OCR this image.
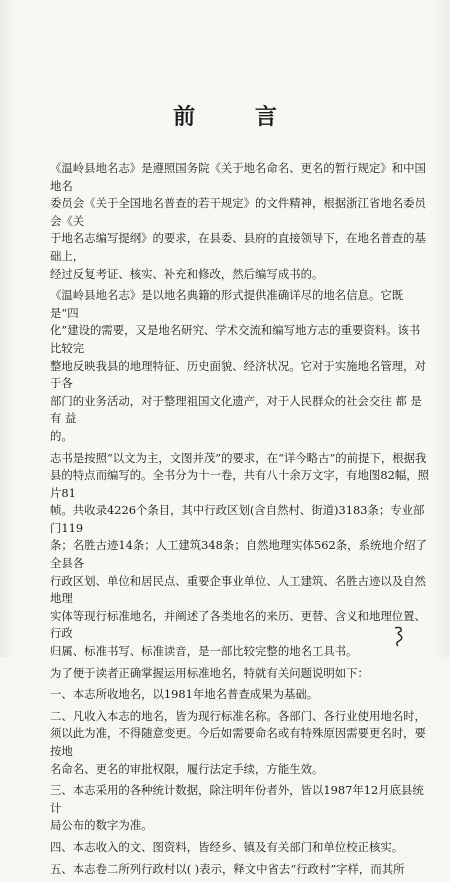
前 言

《温岭县地名志》是遵照国务院《关于地名命名、更名的暂行规定》和中国地名

委员会《关于全国地名普查的若干规定》的文件精神，根据浙江省地名委员会《关

于地名志编写提纲》的要求，在县委、县府的直接领导下，在地名普查的基础上，

经过反复考证、核实、补充和修改，然后编写成书的。

《温岭县地名志》是以地名典籍的形式提供准确详尽的地名信息。它既是“四

化”建设的需要，又是地名研究、学术交流和编写地方志的重要资料。该书比较完

整地反映我县的地理特征、历史面貌、经济状况。它对于实施地名管理，对于各

部门的业务活动，对于整理祖国文化遗产，对于人民群众的社会交往 都 是 有 益

的。

志书是按照“以文为主，文图并茂”的要求，在“详今略古”的前提下，根据我

县的特点而编写的。全书分为十一卷，共有八十余万文字，有地图82幅，照片81

帧。共收录4226个条目，其中行政区划(含自然村、街道)3183条；专业部门119

条；名胜古迹14条；人工建筑348条；自然地理实体562条，系统地介绍了全县各

行政区划、单位和居民点、重要企事业单位、人工建筑、名胜古迹以及自然地理

实体等现行标准地名，并阐述了各类地名的来历、更替、含义和地理位置、行政

归属、标准书写、标准读音，是一部比较完整的地名工具书。

为了便于读者正确掌握运用标准地名，特就有关问题说明如下：

一、本志所收地名，以1981年地名普查成果为基础。

二、凡收入本志的地名，皆为现行标准名称。各部门、各行业使用地名时，

须以此为准，不得随意变更。今后如需要命名或有特殊原因需要更名时，要按地

名命名、更名的审批权限，履行法定手续，方能生效。

三、本志采用的各种统计数据，除注明年份者外，皆以1987年12月底县统计

局公布的数字为准。

四、本志收入的文、图资料，皆经乡、镇及有关部门和单位校正核实。

五、本志卷二所列行政村以( )表示，释文中省去“行政村”字样，而其所
